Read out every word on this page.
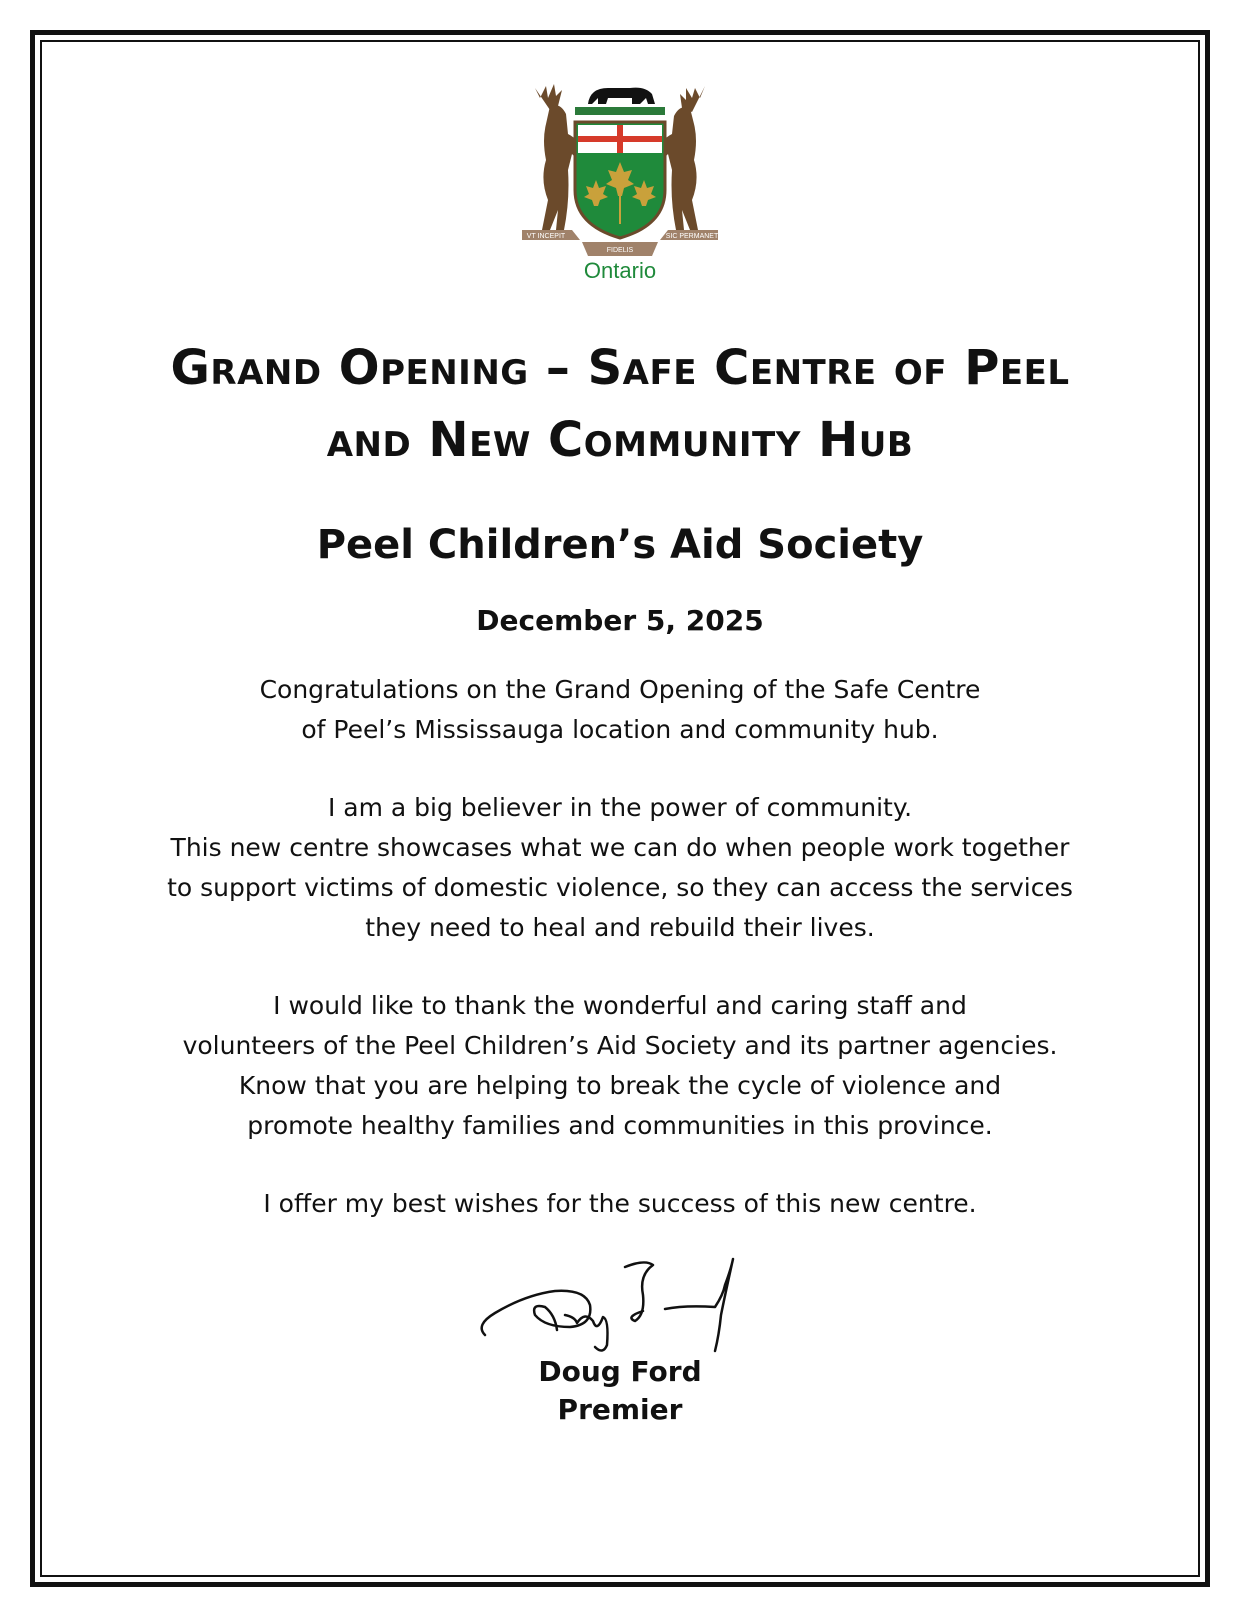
VT INCEPIT	SIC PERMANET
FIDELIS
Ontario
Grand Opening – Safe Centre of Peel
and New Community Hub
Peel Children’s Aid Society
December 5, 2025

Congratulations on the Grand Opening of the Safe Centre
of Peel’s Mississauga location and community hub.

I am a big believer in the power of community.
This new centre showcases what we can do when people work together
to support victims of domestic violence, so they can access the services
they need to heal and rebuild their lives.

I would like to thank the wonderful and caring staff and
volunteers of the Peel Children’s Aid Society and its partner agencies.
Know that you are helping to break the cycle of violence and
promote healthy families and communities in this province.

I offer my best wishes for the success of this new centre.

Doug Ford
Premier
